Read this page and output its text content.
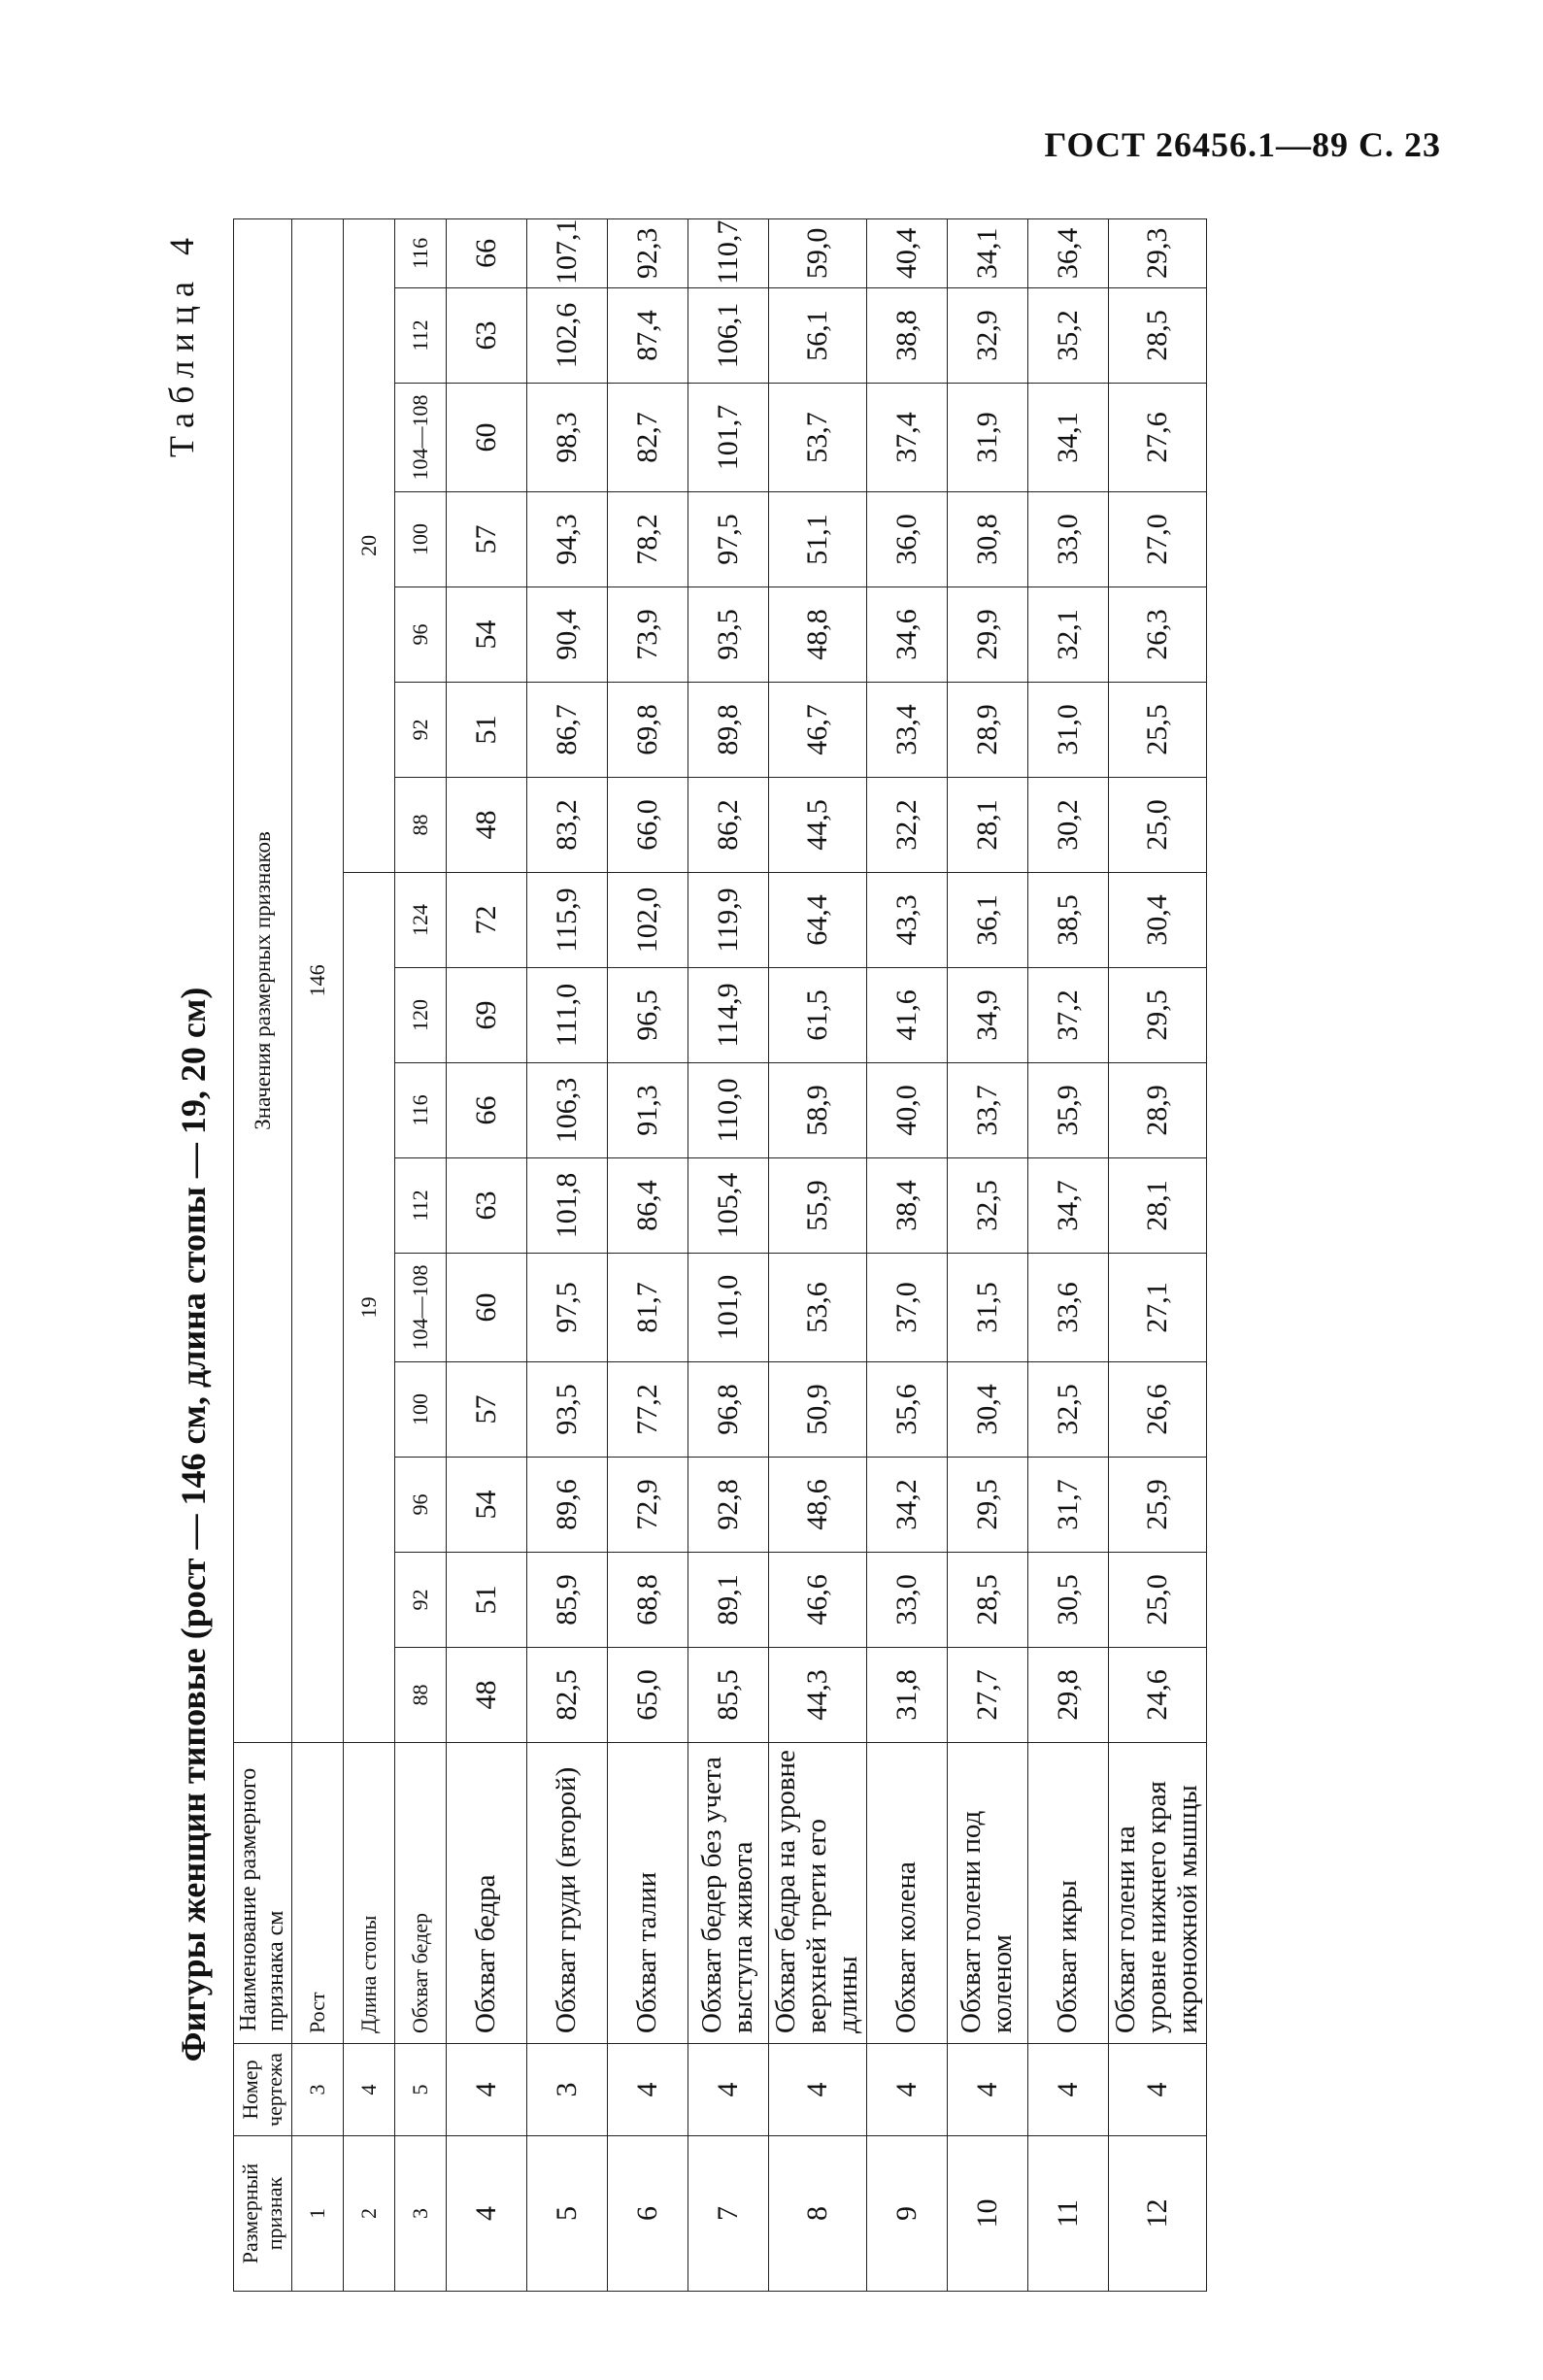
ГОСТ 26456.1—89 С. 23
Таблица 4
Фигуры женщин типовые (рост — 146 см, длина стопы — 19, 20 см)
Размерный признак	Номер чертежа	Наименование размерного признака см	Значения размерных признаков															
1	3	Рост	146															
2	4	Длина стопы	19									20						
3	5	Обхват бедер	88	92	96	100	104—108	112	116	120	124	88	92	96	100	104—108	112	116
4	4	Обхват бедра	48	51	54	57	60	63	66	69	72	48	51	54	57	60	63	66
5	3	Обхват груди (второй)	82,5	85,9	89,6	93,5	97,5	101,8	106,3	111,0	115,9	83,2	86,7	90,4	94,3	98,3	102,6	107,1
6	4	Обхват талии	65,0	68,8	72,9	77,2	81,7	86,4	91,3	96,5	102,0	66,0	69,8	73,9	78,2	82,7	87,4	92,3
7	4	Обхват бедер без учета выступа живота	85,5	89,1	92,8	96,8	101,0	105,4	110,0	114,9	119,9	86,2	89,8	93,5	97,5	101,7	106,1	110,7
8	4	Обхват бедра на уровне верхней трети его длины	44,3	46,6	48,6	50,9	53,6	55,9	58,9	61,5	64,4	44,5	46,7	48,8	51,1	53,7	56,1	59,0
9	4	Обхват колена	31,8	33,0	34,2	35,6	37,0	38,4	40,0	41,6	43,3	32,2	33,4	34,6	36,0	37,4	38,8	40,4
10	4	Обхват голени под коленом	27,7	28,5	29,5	30,4	31,5	32,5	33,7	34,9	36,1	28,1	28,9	29,9	30,8	31,9	32,9	34,1
11	4	Обхват икры	29,8	30,5	31,7	32,5	33,6	34,7	35,9	37,2	38,5	30,2	31,0	32,1	33,0	34,1	35,2	36,4
12	4	Обхват голени на уровне нижнего края икроножной мышцы	24,6	25,0	25,9	26,6	27,1	28,1	28,9	29,5	30,4	25,0	25,5	26,3	27,0	27,6	28,5	29,3
